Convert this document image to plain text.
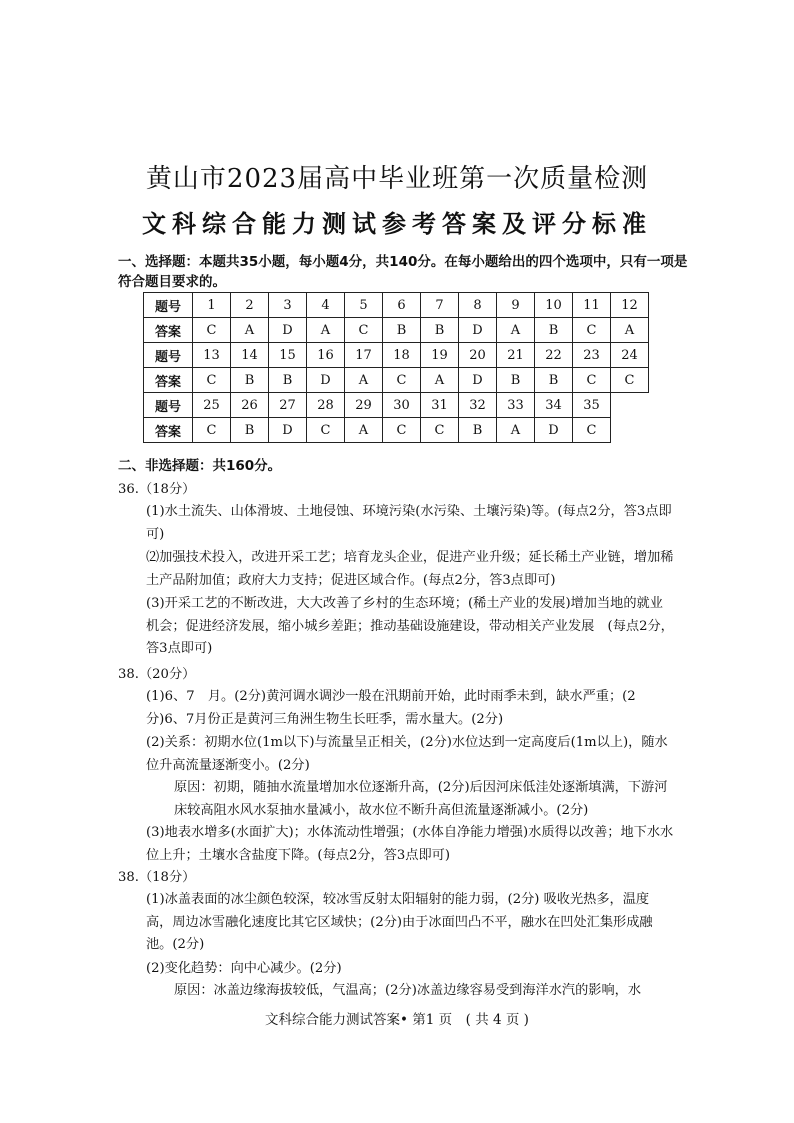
黄山市2023届高中毕业班第一次质量检测
文科综合能力测试参考答案及评分标准
一、选择题：本题共35小题，每小题4分，共140分。在每小题给出的四个选项中，只有一项是符合题目要求的。
题号	1	2	3	4	5	6	7	8	9	10	11	12
答案	C	A	D	A	C	B	B	D	A	B	C	A
题号	13	14	15	16	17	18	19	20	21	22	23	24
答案	C	B	B	D	A	C	A	D	B	B	C	C
题号	25	26	27	28	29	30	31	32	33	34	35	
答案	C	B	D	C	A	C	C	B	A	D	C	
二、非选择题：共160分。
36.（18分）
(1)水土流失、山体滑坡、土地侵蚀、环境污染(水污染、土壤污染)等。(每点2分，答3点即可)
⑵加强技术投入，改进开采工艺；培育龙头企业，促进产业升级；延长稀土产业链，增加稀土产品附加值；政府大力支持；促进区域合作。(每点2分，答3点即可)
(3)开采工艺的不断改进，大大改善了乡村的生态环境；(稀土产业的发展)增加当地的就业机会；促进经济发展，缩小城乡差距；推动基础设施建设，带动相关产业发展　(每点2分，答3点即可)
38.（20分）
(1)6、7　月。(2分)黄河调水调沙一般在汛期前开始，此时雨季未到，缺水严重；(2分)6、7月份正是黄河三角洲生物生长旺季，需水量大。(2分)
(2)关系：初期水位(1m以下)与流量呈正相关，(2分)水位达到一定高度后(1m以上)，随水位升高流量逐渐变小。(2分)
原因：初期，随抽水流量增加水位逐渐升高，(2分)后因河床低洼处逐渐填满，下游河床较高阻水风水泵抽水量减小，故水位不断升高但流量逐渐减小。(2分)
(3)地表水增多(水面扩大)；水体流动性增强；(水体自净能力增强)水质得以改善；地下水水位上升；土壤水含盐度下降。(每点2分，答3点即可)
38.（18分）
(1)冰盖表面的冰尘颜色较深，较冰雪反射太阳辐射的能力弱，(2分) 吸收光热多，温度高，周边冰雪融化速度比其它区域快；(2分)由于冰面凹凸不平，融水在凹处汇集形成融池。(2分)
(2)变化趋势：向中心减少。(2分)
原因：冰盖边缘海拔较低，气温高；(2分)冰盖边缘容易受到海洋水汽的影响，水
文科综合能力测试答案• 第1 页　( 共 4 页 )
